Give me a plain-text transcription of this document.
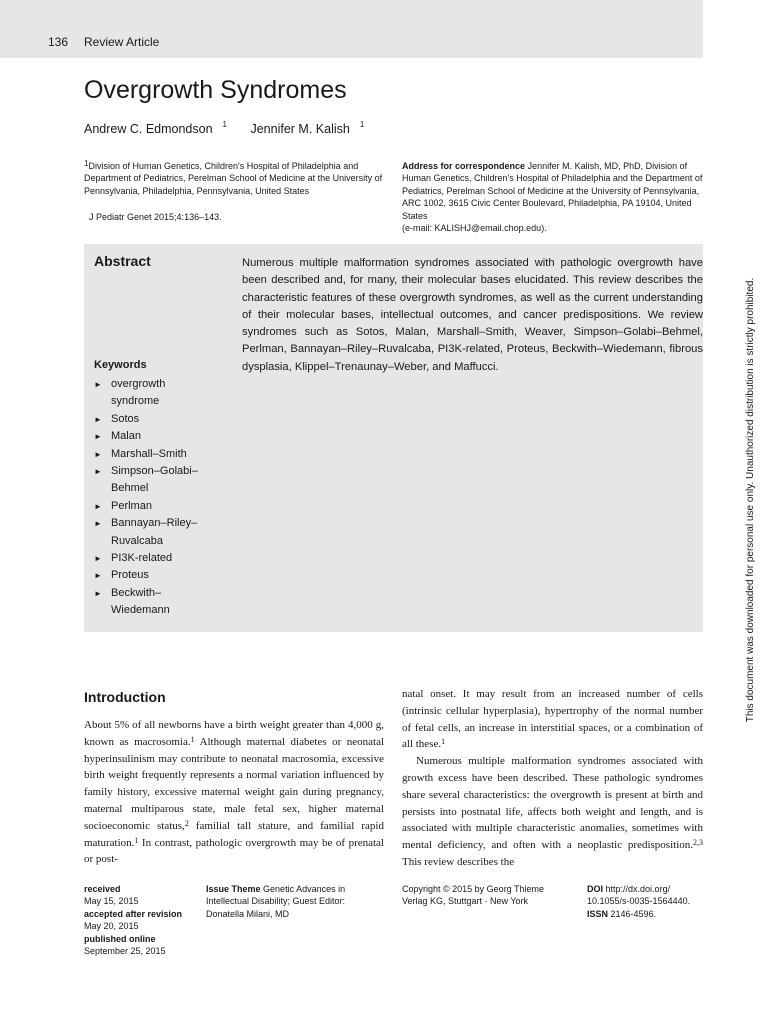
136 Review Article
Overgrowth Syndromes
Andrew C. Edmondson $^1$ Jennifer M. Kalish $^1$
1Division of Human Genetics, Children's Hospital of Philadelphia and Department of Pediatrics, Perelman School of Medicine at the University of Pennsylvania, Philadelphia, Pennsylvania, United States
J Pediatr Genet 2015;4:136–143.
Address for correspondence Jennifer M. Kalish, MD, PhD, Division of Human Genetics, Children's Hospital of Philadelphia and the Department of Pediatrics, Perelman School of Medicine at the University of Pennsylvania, ARC 1002, 3615 Civic Center Boulevard, Philadelphia, PA 19104, United States
(e-mail: KALISHJ@email.chop.edu).
Abstract	Numerous multiple malformation syndromes associated with pathologic overgrowth have been described and, for many, their molecular bases elucidated. This review describes the characteristic features of these overgrowth syndromes, as well as the current understanding of their molecular bases, intellectual outcomes, and cancer predispositions. We review syndromes such as Sotos, Malan, Marshall–Smith, Weaver, Simpson–Golabi–Behmel, Perlman, Bannayan–Riley–Ruvalcaba, PI3K-related, Proteus, Beckwith–Wiedemann, fibrous dysplasia, Klippel–Trenaunay–Weber, and Maffucci.
Keywords
► overgrowth syndrome
► Sotos
► Malan
► Marshall–Smith
► Simpson–Golabi–Behmel
► Perlman
► Bannayan–Riley–Ruvalcaba
► PI3K-related
► Proteus
► Beckwith–Wiedemann	This document was downloaded for personal use only. Unauthorized distribution is strictly prohibited.
Introduction

About 5% of all newborns have a birth weight greater than 4,000 g, known as macrosomia.$^1$ Although maternal diabetes or neonatal hyperinsulinism may contribute to neonatal macrosomia, excessive birth weight frequently represents a normal variation influenced by family history, excessive maternal weight gain during pregnancy, maternal multiparous state, male fetal sex, higher maternal socioeconomic status,$^2$ familial tall stature, and familial rapid maturation.$^1$ In contrast, pathologic overgrowth may be of prenatal or post-

natal onset. It may result from an increased number of cells (intrinsic cellular hyperplasia), hypertrophy of the normal number of fetal cells, an increase in interstitial spaces, or a combination of all these.$^1$

Numerous multiple malformation syndromes associated with growth excess have been described. These pathologic syndromes share several characteristics: the overgrowth is present at birth and persists into postnatal life, affects both weight and length, and is associated with multiple characteristic anomalies, sometimes with mental deficiency, and often with a neoplastic predisposition.$^{2,3}$ This review describes the

received
May 15, 2015
accepted after revision
May 20, 2015
published online
September 25, 2015
Issue Theme Genetic Advances in
Intellectual Disability; Guest Editor:
Donatella Milani, MD
Copyright © 2015 by Georg Thieme
Verlag KG, Stuttgart · New York
DOI http://dx.doi.org/
10.1055/s-0035-1564440.
ISSN 2146-4596.
